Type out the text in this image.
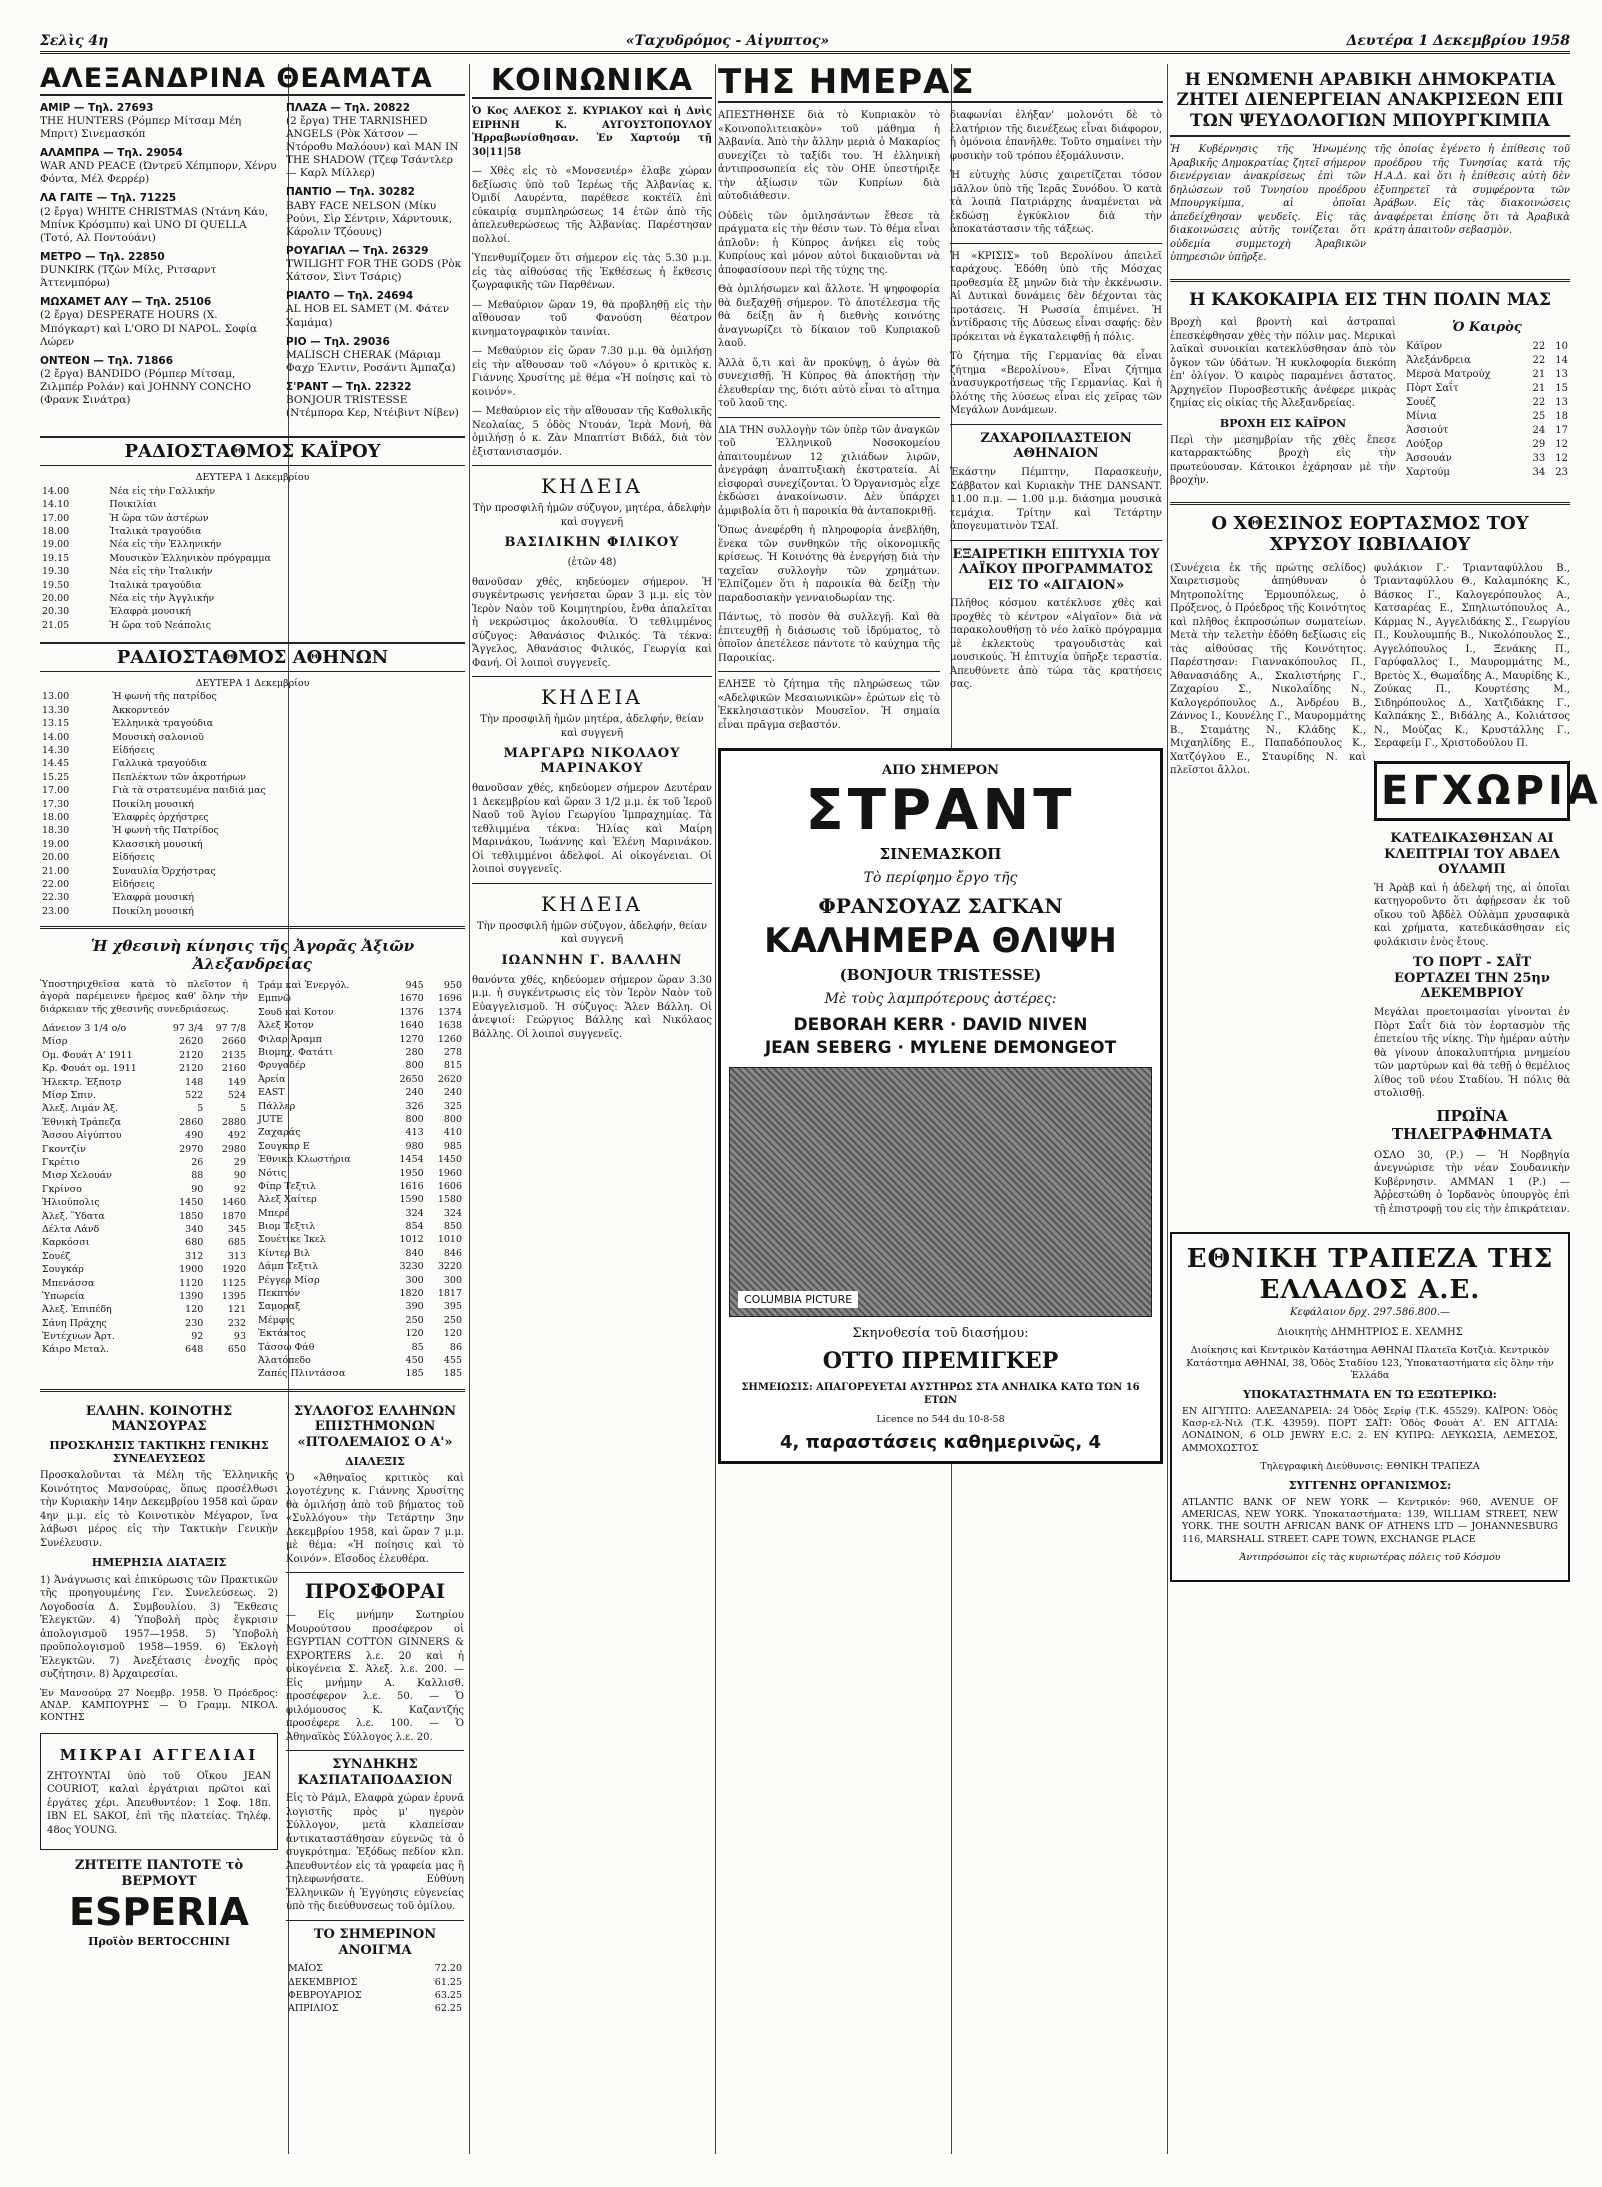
Σελὶς 4η	«Ταχυδρόμος - Αἰγυπτος»	Δευτέρα 1 Δεκεμβρίου 1958
ΑΛΕΞΑΝΔΡΙΝΑ ΘΕΑΜΑΤΑ
ΑΜΙΡ — Τηλ. 27693
THE HUNTERS (Ρόμπερ Μίτσαμ Μέη Μπριτ) Σινεμασκόπ
ΑΛΑΜΠΡΑ — Τηλ. 29054
WAR AND PEACE (Ώντρεϋ Χέπμπορν, Χένρυ Φόντα, Μέλ Φερρέρ)
ΛΑ ΓΑΙΤΕ — Τηλ. 71225
(2 ἔργα) WHITE CHRISTMAS (Ντάνη Κάυ, Μπίνκ Κρόσμπυ) καὶ UNO DI QUELLA (Τοτό, Αλ Ποντούάνι)
ΜΕΤΡΟ — Τηλ. 22850
DUNKIRK (Τζὼν Μίλς, Ριτσαρντ Άττενμπόρω)
ΜΩΧΑΜΕΤ ΑΛΥ — Τηλ. 25106
(2 ἔργα) DESPERATE HOURS (Χ. Μπόγκαρτ) καὶ L'ORO DI NAPOL. Σοφία Λώρεν
ΟΝΤΕΟΝ — Τηλ. 71866
(2 ἔργα) BANDIDO (Ρόμπερ Μίτσαμ, Ζιλμπέρ Ρολάν) καὶ JOHNNY CONCHO (Φρανκ Σινάτρα)
ΠΛΑΖΑ — Τηλ. 20822
(2 ἔργα) THE TARNISHED ANGELS (Ρὸκ Χάτσον — Ντόροθυ Μαλόουν) καὶ MAN IN THE SHADOW (Τζεφ Τσάντλερ — Καρλ Μίλλερ)
ΠΑΝΤΙΟ — Τηλ. 30282
BABY FACE NELSON (Μίκυ Ρούνι, Σὶρ Σέντριν, Χάρντουικ, Κάρολιν Τζόουνς)
ΡΟΥΑΓΙΑΛ — Τηλ. 26329
TWILIGHT FOR THE GODS (Ρὸκ Χάτσον, Σὶντ Τσάρις)
ΡΙΑΛΤΟ — Τηλ. 24694
AL HOB EL SAMET (Μ. Φάτεν Χαμάμα)
ΡΙΟ — Τηλ. 29036
MALISCH CHERAK (Μάριαμ Φαχρ Έλντιν, Ροσάντι Άμπαζα)
Σ'ΡΑΝΤ — Τηλ. 22322
BONJOUR TRISTESSE (Ντέμπορα Κερ, Ντέιβιντ Νίβεν)
ΡΑΔΙΟΣΤΑΘΜΟΣ ΚΑΪΡΟΥ
ΔΕΥΤΕΡΑ 1 Δεκεμβρίου
14.00	Νέα εἰς τὴν Γαλλικήν
14.10	Ποικιλίαι
17.00	Ἡ ὥρα τῶν ἀστέρων
18.00	Ἰταλικὰ τραγούδια
19.00	Νέα εἰς τὴν Ἑλληνικήν
19.15	Μουσικὸν Ἑλληνικὸν πρόγραμμα
19.30	Νέα εἰς τὴν Ἰταλικήν
19.50	Ἰταλικὰ τραγούδια
20.00	Νέα εἰς τὴν Ἀγγλικήν
20.30	Ἑλαφρὰ μουσική
21.05	Ἡ ὥρα τοῦ Νεάπολις
ΡΑΔΙΟΣΤΑΘΜΟΣ ΑΘΗΝΩΝ
ΔΕΥΤΕΡΑ 1 Δεκεμβρίου
13.00	Ἡ φωνὴ τῆς πατρίδος
13.30	Ἀκκορντεόν
13.15	Ἑλληνικὰ τραγούδια
14.00	Μουσικὴ σαλονιοῦ
14.30	Εἰδήσεις
14.45	Γαλλικὰ τραγούδια
15.25	Πεπλέκτων τῶν ἀκροτήρων
17.00	Γιὰ τὰ στρατευμένα παιδιά μας
17.30	Ποικίλη μουσική
18.00	Ἐλαφρὲς ὀρχήστρες
18.30	Ἡ φωνὴ τῆς Πατρίδος
19.00	Κλασσικὴ μουσική
20.00	Εἰδήσεις
21.00	Συναυλία Ὀρχήστρας
22.00	Εἰδήσεις
22.30	Ἐλαφρὰ μουσική
23.00	Ποικίλη μουσική
Ἡ χθεσινὴ κίνησις τῆς Ἀγορᾶς Ἀξιῶν Ἀλεξανδρείας
Ὑποστηριχθεῖσα κατὰ τὸ πλεῖστον ἡ ἀγορὰ παρέμεινεν ἤρεμος καθ' ὅλην τὴν διάρκειαν τῆς χθεσινῆς συνεδριάσεως.
Δάνειον 3 1/4 ο/ο	97 3/4	97 7/8
Μίσρ	2620	2660
Ομ. Φουάτ Α' 1911	2120	2135
Κρ. Φουάτ ομ. 1911	2120	2160
Ἠλεκτρ. Ἐξποτρ	148	149
Μίσρ Σπιν.	522	524
Ἀλεξ. Λιμάν Ἀξ.	5	5
Ἐθνικὴ Τράπεζα	2860	2880
Ἄσσου Αἰγύπτου	490	492
Γκοντζίν	2970	2980
Γκρέτιο	26	29
Μισρ Χελουάν	88	90
Γκρίνσο	90	92
Ἡλιούπολις	1450	1460
Ἀλεξ. Ὕδατα	1850	1870
Δέλτα Λάνδ	340	345
Καρκόσσι	680	685
Σουέζ	312	313
Σουγκάρ	1900	1920
Μπενάσσα	1120	1125
Ὑπωρεία	1390	1395
Ἀλεξ. Ἐπιπέδη	120	121
Σάνη Πράχης	230	232
Ἐντέχνων Ἀρτ.	92	93
Κάιρο Μεταλ.	648	650
Τράμ καὶ Ἐνεργόλ.	945	950
Εμπνῶ	1670	1696
Σουδ καὶ Κοτον	1376	1374
Ἀλεξ Κοτον	1640	1638
Φιλαρ Ἀραμπ	1270	1260
Βιομηχ. Φατάτι	280	278
Φρυγαδέρ	800	815
Ἀρεία	2650	2620
EAST	240	240
Πάλλερ	326	325
JUTE	800	800
Ζαχαράς	413	410
Σουγκαρ Ε	980	985
Ἐθνικὰ Κλωστήρια	1454	1450
Νότις	1950	1960
Φίπρ Τεξτιλ	1616	1606
Ἀλεξ Χαίτερ	1590	1580
Μπερέ	324	324
Βιομ Τεξτιλ	854	850
Σουέτικε Ἰκελ	1012	1010
Κίντερ Βιλ	840	846
Δάμπ Τεξτιλ	3230	3220
Ρέγγερ Μίσρ	300	300
Πεκπτόν	1820	1817
Σαμοραξ	390	395
Μέμφις	250	250
Ἐκτάκτος	120	120
Τάσσω Φάθ	85	86
Ἀλατόπεδο	450	455
Ζαπές Πλιντάσσα	185	185
ΕΛΛΗΝ. ΚΟΙΝΟΤΗΣ ΜΑΝΣΟΥΡΑΣ
ΠΡΟΣΚΛΗΣΙΣ ΤΑΚΤΙΚΗΣ ΓΕΝΙΚΗΣ ΣΥΝΕΛΕΥΣΕΩΣ
Προσκαλοῦνται τὰ Μέλη τῆς Ἑλληνικῆς Κοινότητος Μανσούρας, ὅπως προσέλθωσι τὴν Κυριακὴν 14ην Δεκεμβρίου 1958 καὶ ὥραν 4ην μ.μ. εἰς τὸ Κοινοτικὸν Μέγαρον, ἵνα λάβωσι μέρος εἰς τὴν Τακτικὴν Γενικὴν Συνέλευσιν.
ΗΜΕΡΗΣΙΑ ΔΙΑΤΑΞΙΣ
1) Ἀνάγνωσις καὶ ἐπικύρωσις τῶν Πρακτικῶν τῆς προηγουμένης Γεν. Συνελεύσεως. 2) Λογοδοσία Δ. Συμβουλίου. 3) Ἔκθεσις Ἐλεγκτῶν. 4) Ὑποβολὴ πρὸς ἔγκρισιν ἀπολογισμοῦ 1957—1958. 5) Ὑποβολὴ προϋπολογισμοῦ 1958—1959. 6) Ἐκλογὴ Ἐλεγκτῶν. 7) Ἀνεξέτασις ἐνοχῆς πρὸς συζήτησιν. 8) Ἀρχαιρεσίαι.
Ἐν Μανσούρᾳ 27 Νοεμβρ. 1958. Ὁ Πρόεδρος: ΑΝΔΡ. ΚΑΜΠΟΥΡΗΣ — Ὁ Γραμμ. ΝΙΚΟΛ. ΚΟΝΤΗΣ
ΜΙΚΡΑΙ ΑΓΓΕΛΙΑΙ
ΖΗΤΟΥΝΤΑΙ ὑπὸ τοῦ Οἴκου JEAN COURIOT, καλαὶ ἐργάτριαι πρῶτοι καὶ ἐργάτες χέρι. Ἀπευθυντέον: 1 Σοφ. 18π. IBN EL SAKOI, ἐπὶ τῆς πλατείας. Τηλέφ. 48ος YOUNG.
ΖΗΤΕΙΤΕ ΠΑΝΤΟΤΕ τὸ ΒΕΡΜΟΥΤ
ESPERIA
Προϊὸν BERTOCCHINI
ΣΥΛΛΟΓΟΣ ΕΛΛΗΝΩΝ ΕΠΙΣΤΗΜΟΝΩΝ «ΠΤΟΛΕΜΑΙΟΣ Ο Α'»
ΔΙΑΛΕΞΙΣ
Ὁ «Ἀθηναῖος κριτικὸς καὶ λογοτέχνης κ. Γιάννης Χρυσίτης θὰ ὁμιλήσῃ ἀπὸ τοῦ βήματος τοῦ «Συλλόγου» τὴν Τετάρτην 3ην Δεκεμβρίου 1958, καὶ ὥραν 7 μ.μ. μὲ θέμα: «Ἡ ποίησις καὶ τὸ Κοινόν». Εἴσοδος ἐλευθέρα.
ΠΡΟΣΦΟΡΑΙ
— Εἰς μνήμην Σωτηρίου Μουρούτσου προσέφερον οἱ EGYPTIAN COTTON GINNERS & EXPORTERS λ.ε. 20 καὶ ἡ οἰκογένεια Σ. Ἀλεξ. λ.ε. 200. — Εἰς μνήμην Α. Καλλισθ. προσέφερον λ.ε. 50. — Ὁ φιλόμουσος Κ. Καζαντζής προσέφερε λ.ε. 100. — Ὁ Ἀθηναϊκὸς Σύλλογος λ.ε. 20.
ΣΥΝΔΗΚΗΣ ΚΑΣΠΑΤΑΠΟΔΑΣΙΟΝ
Εἰς τὸ Ράμλ, Ελαφρὰ χώραν ἐρυνᾶ λογιστῆς πρὸς μ' ηγερὸν Σύλλογον, μετὰ κλαπείσαν ἀντικαταστάθησαν εὐγενῶς τὰ ὁ συγκρότημα. Ἐξόδως πεδίον κλπ. Ἀπευθυντέον εἰς τὰ γραφεία μας ἢ τηλεφωνήσατε. Εὐθύνη Ἑλληνικῶν ἡ Ἐγγύησις εὐγενείας ὑπὸ τῆς διεύθυνσεως τοῦ ὁμίλου.
ΤΟ ΣΗΜΕΡΙΝΟΝ ΑΝΟΙΓΜΑ
ΜΑΪΟΣ	72.20
ΔΕΚΕΜΒΡΙΟΣ	61.25
ΦΕΒΡΟΥΑΡΙΟΣ	63.25
ΑΠΡΙΛΙΟΣ	62.25
ΚΟΙΝΩΝΙΚΑ
Ὁ Κος ΑΛΕΚΟΣ Σ. ΚΥΡΙΑΚΟΥ καὶ ἡ Δνὶς ΕΙΡΗΝΗ Κ. ΑΥΓΟΥΣΤΟΠΟΥΛΟΥ Ἠρραβωνίσθησαν. Ἐν Χαρτούμ τῇ 30|11|58
— Χθὲς εἰς τὸ «Μονσενιέρ» ἐλαβε χώραν δεξίωσις ὑπὸ τοῦ Ἱερέως τῆς Ἀλβανίας κ. Ὀμιδί Λαυρέντα, παρέθεσε κοκτέϊλ ἐπὶ εὐκαιρίᾳ συμπληρώσεως 14 ἐτῶν ἀπὸ τῆς ἀπελευθερώσεως τῆς Ἀλβανίας. Παρέστησαν πολλοί.
Ὑπενθυμίζομεν ὅτι σήμερον εἰς τὰς 5.30 μ.μ. εἰς τὰς αἰθούσας τῆς Ἐκθέσεως ἡ ἔκθεσις ζωγραφικῆς τῶν Παρθένων.
— Μεθαύριον ὥραν 19, θὰ προβληθῇ εἰς τὴν αἴθουσαν τοῦ Φανούση θέατρον κινηματογραφικὸν ταινίαι.
— Μεθαύριον εἰς ὥραν 7.30 μ.μ. θὰ ὁμιλήσῃ εἰς τὴν αἴθουσαν τοῦ «Λόγου» ὁ κριτικὸς κ. Γιάννης Χρυσίτης μὲ θέμα «Ἡ ποίησις καὶ τὸ κοινόν».
— Μεθαύριον εἰς τὴν αἴθουσαν τῆς Καθολικῆς Νεολαίας, 5 ὁδὸς Ντουάν, Ἱερὰ Μονή, θὰ ὁμιλήσῃ ὁ κ. Ζὰν Μπαπτίστ Βιδάλ, διὰ τὸν ἐξιστανισιασμόν.
ΚΗΔΕΙΑ
Τὴν προσφιλῆ ἡμῶν σύζυγον, μητέρα, ἀδελφὴν καὶ συγγενῆ
ΒΑΣΙΛΙΚΗΝ ΦΙΛΙΚΟΥ
(ἐτῶν 48)
θανοῦσαν χθές, κηδεύομεν σήμερον. Ἡ συγκέντρωσις γενήσεται ὥραν 3 μ.μ. εἰς τὸν Ἱερὸν Ναὸν τοῦ Κοιμητηρίου, ἔνθα ἀπαλεῖται ἡ νεκρώσιμος ἀκολουθία. Ὁ τεθλιμμένος σύζυγος: Ἀθανάσιος Φιλικός. Τὰ τέκνα: Ἄγγελος, Ἀθανάσιος Φιλικός, Γεωργία καὶ Φανή. Οἱ λοιποὶ συγγενεῖς.
ΚΗΔΕΙΑ
Τὴν προσφιλῆ ἡμῶν μητέρα, ἀδελφήν, θείαν καὶ συγγενῆ
ΜΑΡΓΑΡΩ ΝΙΚΟΛΑΟΥ ΜΑΡΙΝΑΚΟΥ
θανοῦσαν χθές, κηδεύομεν σήμερον Δευτέραν 1 Δεκεμβρίου καὶ ὥραν 3 1/2 μ.μ. ἐκ τοῦ Ἱεροῦ Ναοῦ τοῦ Ἁγίου Γεωργίου Ἰμπραχημίας. Τὰ τεθλιμμένα τέκνα: Ἡλίας καὶ Μαίρη Μαρινάκου, Ἰωάννης καὶ Ἑλένη Μαρινάκου. Οἱ τεθλιμμένοι ἀδελφοί. Αἱ οἰκογένειαι. Οἱ λοιποὶ συγγενεῖς.
ΚΗΔΕΙΑ
Τὴν προσφιλῆ ἡμῶν σύζυγον, ἀδελφήν, θείαν καὶ συγγενῆ
ΙΩΑΝΝΗΝ Γ. ΒΑΛΛΗΝ
θανόντα χθές, κηδεύομεν σήμερον ὥραν 3.30 μ.μ. ἡ συγκέντρωσις εἰς τὸν Ἱερὸν Ναὸν τοῦ Εὐαγγελισμοῦ. Ἡ σύζυγος: Ἄλεν Βάλλη. Οἱ ἀνεψιοί: Γεώργιος Βάλλης καὶ Νικόλαος Βάλλης. Οἱ λοιποὶ συγγενεῖς.
ΤΗΣ ΗΜΕΡΑΣ
ΑΠΕΣΤΗΘΗΣΕ διὰ τὸ Κυπριακὸν τὸ «Κοινοπολιτειακὸν» τοῦ μάθημα ἡ Ἀλβανία. Ἀπὸ τὴν ἄλλην μεριὰ ὁ Μακαρίος συνεχίζει τὸ ταξίδι του. Ἡ ἑλληνικὴ ἀντιπροσωπεία εἰς τὸν ΟΗΕ ὑπεστήριξε τὴν ἀξίωσιν τῶν Κυπρίων διὰ αὐτοδιάθεσιν.
Οὐδεὶς τῶν ὁμιλησάντων ἔθεσε τὰ πράγματα εἰς τὴν θέσιν των. Τὸ θέμα εἶναι ἀπλοῦν: ἡ Κύπρος ἀνήκει εἰς τοὺς Κυπρίους καὶ μόνον αὐτοὶ δικαιοῦνται νὰ ἀποφασίσουν περὶ τῆς τύχης της.
Θὰ ὁμιλήσωμεν καὶ ἄλλοτε. Ἡ ψηφοφορία θὰ διεξαχθῇ σήμερον. Τὸ ἀποτέλεσμα τῆς θὰ δείξῃ ἂν ἡ διεθνὴς κοινότης ἀναγνωρίζει τὸ δίκαιον τοῦ Κυπριακοῦ λαοῦ.
Ἀλλὰ ὅ,τι καὶ ἂν προκύψῃ, ὁ ἀγὼν θὰ συνεχισθῇ. Ἡ Κύπρος θὰ ἀποκτήσῃ τὴν ἐλευθερίαν της, διότι αὐτὸ εἶναι τὸ αἴτημα τοῦ λαοῦ της.
ΔΙΑ ΤΗΝ συλλογὴν τῶν ὑπὲρ τῶν ἀναγκῶν τοῦ Ἑλληνικοῦ Νοσοκομείου ἀπαιτουμένων 12 χιλιάδων λιρῶν, ἀνεγράφη ἀναπτυξιακὴ ἐκστρατεία. Αἱ εἰσφοραὶ συνεχίζονται. Ὁ Ὀργανισμὸς εἶχε ἐκδώσει ἀνακοίνωσιν. Δὲν ὑπάρχει ἀμφιβολία ὅτι ἡ παροικία θὰ ἀνταποκριθῇ.
Ὅπως ἀνεφέρθη ἡ πληροφορία ἀνεβλήθη, ἕνεκα τῶν συνθηκῶν τῆς οἰκονομικῆς κρίσεως. Ἡ Κοινότης θὰ ἐνεργήσῃ διὰ τὴν ταχεῖαν συλλογὴν τῶν χρημάτων. Ἐλπίζομεν ὅτι ἡ παροικία θὰ δείξῃ τὴν παραδοσιακὴν γενναιοδωρίαν της.
Πάντως, τὸ ποσὸν θὰ συλλεγῇ. Καὶ θὰ ἐπιτευχθῇ ἡ διάσωσις τοῦ ἱδρύματος, τὸ ὁποῖον ἀπετέλεσε πάντοτε τὸ καύχημα τῆς Παροικίας.
ΕΛΗΞΕ τὸ ζήτημα τῆς πληρώσεως τῶν «Αδελφικῶν Μεσαιωνικῶν» ἐρώτων εἰς τὸ Ἐκκλησιαστικὸν Μουσεῖον. Ἡ σημαία εἶναι πρᾶγμα σεβαστόν.
διαφωνίαι ἐλήξαν' μολονότι δὲ τὸ ἐλατήριον τῆς διενέξεως εἶναι διάφορον, ἡ ὁμόνοια ἐπανῆλθε. Τοῦτο σημαίνει τὴν φυσικὴν τοῦ τρόπου ἐξομάλυνσιν.
Ἡ εὐτυχὴς λύσις χαιρετίζεται τόσον μᾶλλον ὑπὸ τῆς Ἱερᾶς Συνόδου. Ὁ κατὰ τὰ λοιπὰ Πατριάρχης ἀναμένεται νὰ ἐκδώσῃ ἐγκύκλιον διὰ τὴν ἀποκατάστασιν τῆς τάξεως.
Ἡ «ΚΡΙΣΙΣ» τοῦ Βερολίνου ἀπειλεῖ ταράχους. Ἐδόθη ὑπὸ τῆς Μόσχας προθεσμία ἕξ μηνῶν διὰ τὴν ἐκκένωσιν. Αἱ Δυτικαὶ δυνάμεις δὲν δέχονται τὰς προτάσεις. Ἡ Ρωσσία ἐπιμένει. Ἡ ἀντίδρασις τῆς Δύσεως εἶναι σαφής: δὲν πρόκειται νὰ ἐγκαταλειφθῇ ἡ πόλις.
Τὸ ζήτημα τῆς Γερμανίας θὰ εἶναι ζήτημα «Βερολίνου». Εἶναι ζήτημα ἀνασυγκροτήσεως τῆς Γερμανίας. Καὶ ἡ ὁλότης τῆς λύσεως εἶναι εἰς χεῖρας τῶν Μεγάλων Δυνάμεων.
ΖΑΧΑΡΟΠΛΑΣΤΕΙΟΝ ΑΘΗΝΑΙΟΝ
Ἐκάστην Πέμπτην, Παρασκευὴν, Σάββατον καὶ Κυριακὴν THE DANSANT. 11.00 π.μ. — 1.00 μ.μ. διάσημα μουσικὰ τεμάχια. Τρίτην καὶ Τετάρτην ἀπογευματινὸν ΤΣΑΪ.
ΕΞΑΙΡΕΤΙΚΗ ΕΠΙΤΥΧΙΑ ΤΟΥ ΛΑΪΚΟΥ ΠΡΟΓΡΑΜΜΑΤΟΣ ΕΙΣ ΤΟ «ΑΙΓΑΙΟΝ»
Πλῆθος κόσμου κατέκλυσε χθὲς καὶ προχθὲς τὸ κέντρον «Αἰγαῖον» διὰ νὰ παρακολουθήσῃ τὸ νέο λαϊκὸ πρόγραμμα μὲ ἐκλεκτοὺς τραγουδιστὰς καὶ μουσικούς. Ἡ ἐπιτυχία ὑπῆρξε τεραστία. Ἀπευθύνετε ἀπὸ τώρα τὰς κρατήσεις σας.
ΑΠΟ ΣΗΜΕΡΟΝ
ΣΤΡΑΝΤ
ΣΙΝΕΜΑΣΚΟΠ
Τὸ περίφημο ἔργο τῆς
ΦΡΑΝΣΟΥΑΖ ΣΑΓΚΑΝ
ΚΑΛΗΜΕΡΑ ΘΛΙΨΗ
(BONJOUR TRISTESSE)
Μὲ τοὺς λαμπρότερους ἀστέρες:
DEBORAH KERR · DAVID NIVEN
JEAN SEBERG · MYLENE DEMONGEOT
COLUMBIA PICTURE
Σκηνοθεσία τοῦ διασήμου:
ΟΤΤΟ ΠΡΕΜΙΓΚΕΡ
ΣΗΜΕΙΩΣΙΣ: ΑΠΑΓΟΡΕΥΕΤΑΙ ΑΥΣΤΗΡΩΣ ΣΤΑ ΑΝΗΛΙΚΑ ΚΑΤΩ ΤΩΝ 16 ΕΤΩΝ
Licence no 544 du 10-8-58
4, παραστάσεις καθημερινῶς, 4
Η ΕΝΩΜΕΝΗ ΑΡΑΒΙΚΗ ΔΗΜΟΚΡΑΤΙΑ ΖΗΤΕΙ ΔΙΕΝΕΡΓΕΙΑΝ ΑΝΑΚΡΙΣΕΩΝ ΕΠΙ ΤΩΝ ΨΕΥΔΟΛΟΓΙΩΝ ΜΠΟΥΡΓΚΙΜΠΑ
Ἡ Κυβέρνησις τῆς Ἡνωμένης Ἀραβικῆς Δημοκρατίας ζητεῖ σήμερον διενέργειαν ἀνακρίσεως ἐπὶ τῶν δηλώσεων τοῦ Τυνησίου προέδρου Μπουργκίμπα, αἱ ὁποῖαι ἀπεδείχθησαν ψευδεῖς. Εἰς τὰς διακοινώσεις αὐτῆς τονίζεται ὅτι οὐδεμία συμμετοχὴ Ἀραβικῶν ὑπηρεσιῶν ὑπῆρξε.
τῆς ὁποίας ἐγένετο ἡ ἐπίθεσις τοῦ προέδρου τῆς Τυνησίας κατὰ τῆς Η.Α.Δ. καὶ ὅτι ἡ ἐπίθεσις αὐτὴ δὲν ἐξυπηρετεῖ τὰ συμφέροντα τῶν Ἀράβων. Εἰς τὰς διακοινώσεις ἀναφέρεται ἐπίσης ὅτι τὰ Ἀραβικὰ κράτη ἀπαιτοῦν σεβασμὸν.
Η ΚΑΚΟΚΑΙΡΙΑ ΕΙΣ ΤΗΝ ΠΟΛΙΝ ΜΑΣ
Βροχὴ καὶ βροντὴ καὶ ἀστραπαὶ ἐπεσκέφθησαν χθὲς τὴν πόλιν μας. Μερικαὶ λαϊκαὶ συνοικίαι κατεκλύσθησαν ἀπὸ τὸν ὄγκον τῶν ὑδάτων. Ἡ κυκλοφορία διεκόπη ἐπ' ὀλίγον. Ὁ καιρὸς παραμένει ἄστατος. Ἀρχηγεῖον Πυροσβεστικῆς ἀνέφερε μικρὰς ζημίας εἰς οἰκίας τῆς Ἀλεξανδρείας.
ΒΡΟΧΗ ΕΙΣ ΚΑΪΡΟΝ
Περὶ τὴν μεσημβρίαν τῆς χθὲς ἔπεσε καταρρακτώδης βροχὴ εἰς τὴν πρωτεύουσαν. Κάτοικοι ἐχάρησαν μὲ τὴν βροχὴν.
Ὁ Καιρὸς
Κάϊρον	22	10
Ἀλεξάνδρεια	22	14
Μερσὰ Ματρούχ	21	13
Πὸρτ Σαΐτ	21	15
Σουέζ	22	13
Μίνια	25	18
Ἀσσιούτ	24	17
Λούξορ	29	12
Ἀσσουάν	33	12
Χαρτούμ	34	23
Ο ΧΘΕΣΙΝΟΣ ΕΟΡΤΑΣΜΟΣ ΤΟΥ ΧΡΥΣΟΥ ΙΩΒΙΛΑΙΟΥ
(Συνέχεια ἐκ τῆς πρώτης σελίδος) Χαιρετισμοὺς ἀπηύθυναν ὁ Μητροπολίτης Ἐρμουπόλεως, ὁ Πρόξενος, ὁ Πρόεδρος τῆς Κοινότητος καὶ πλῆθος ἐκπροσώπων σωματείων. Μετὰ τὴν τελετὴν ἐδόθη δεξίωσις εἰς τὰς αἰθούσας τῆς Κοινότητος. Παρέστησαν: Γιαννακόπουλος Π., Ἀθανασιάδης Α., Σκαλιστήρης Γ., Ζαχαρίου Σ., Νικολαΐδης Ν., Καλογερόπουλος Δ., Ἀνδρέου Β., Ζάννος Ι., Κουνέλης Γ., Μαυρομμάτης Β., Σταμάτης Ν., Κλάδης Κ., Μιχαηλίδης Ε., Παπαδόπουλος Κ., Χατζόγλου Ε., Σταυρίδης Ν. καὶ πλεῖστοι ἄλλοι.
φυλάκιον Γ.· Τριανταφύλλου Β., Τριανταφύλλου Θ., Καλαμπόκης Κ., Βάσκος Γ., Καλογερόπουλος Α., Κατσαρέας Ε., Σπηλιωτόπουλος Α., Κάρμας Ν., Αγγελιδάκης Σ., Γεωργίου Π., Κουλουμπής Β., Νικολόπουλος Σ., Αγγελόπουλος Ι., Ξενάκης Π., Γαρύφαλλος Ι., Μαυρομμάτης Μ., Βρετὸς Χ., Θωμαΐδης Α., Μαυρίδης Κ., Ζούκας Π., Κουρτέσης Μ., Σιδηρόπουλος Δ., Χατζιδάκης Γ., Καλπάκης Σ., Βιδάλης Α., Κολιάτσος Ν., Μούζας Κ., Κρυστάλλης Γ., Σεραφείμ Γ., Χριστοδούλου Π.
ΕΓΧΩΡΙΑ
ΚΑΤΕΔΙΚΑΣΘΗΣΑΝ ΑΙ ΚΛΕΠΤΡΙΑΙ ΤΟΥ ΑΒΔΕΛ ΟΥΛΑΜΠ
Ἡ Ἀρὰβ καὶ ἡ ἀδελφή της, αἱ ὁποῖαι κατηγοροῦντο ὅτι ἀφῄρεσαν ἐκ τοῦ οἴκου τοῦ Ἀβδὲλ Οὐλὰμπ χρυσαφικὰ καὶ χρήματα, κατεδικάσθησαν εἰς φυλάκισιν ἑνὸς ἔτους.
ΤΟ ΠΟΡΤ - ΣΑΪΤ ΕΟΡΤΑΖΕΙ ΤΗΝ 25ην ΔΕΚΕΜΒΡΙΟΥ
Μεγάλαι προετοιμασίαι γίνονται ἐν Πὸρτ Σαΐτ διὰ τὸν ἑορτασμὸν τῆς ἐπετείου τῆς νίκης. Τὴν ἡμέραν αὐτὴν θὰ γίνουν ἀποκαλυπτήρια μνημείου τῶν μαρτύρων καὶ θὰ τεθῇ ὁ θεμέλιος λίθος τοῦ νέου Σταδίου. Ἡ πόλις θὰ στολισθῇ.
ΠΡΩΪΝΑ ΤΗΛΕΓΡΑΦΗΜΑΤΑ
ΟΣΛΟ 30, (Ρ.) — Ἡ Νορβηγία ἀνεγνώρισε τὴν νέαν Σουδανικὴν Κυβέρνησιν. ΑΜΜΑΝ 1 (Ρ.) — Ἀῤῥεστώθη ὁ Ἰορδανὸς ὑπουργὸς ἐπὶ τῇ ἐπιστροφῇ του εἰς τὴν ἐπικράτειαν.
ΕΘΝΙΚΗ ΤΡΑΠΕΖΑ ΤΗΣ ΕΛΛΑΔΟΣ Α.Ε.
Κεφάλαιον δρχ. 297.586.800.—
Διοικητὴς ΔΗΜΗΤΡΙΟΣ Ε. ΧΕΛΜΗΣ
Διοίκησις καὶ Κεντρικὸν Κατάστημα ΑΘΗΝΑΙ Πλατεῖα Κοτζιὰ. Κεντρικὸν Κατάστημα ΑΘΗΝΑΙ, 38, Ὁδὸς Σταδίου 123, Ὑποκαταστήματα εἰς ὅλην τὴν Ἑλλάδα
ΥΠΟΚΑΤΑΣΤΗΜΑΤΑ ΕΝ ΤΩ ΕΞΩΤΕΡΙΚΩ:
ΕΝ ΑΙΓΥΠΤΩ: ΑΛΕΞΑΝΔΡΕΙΑ: 24 Ὁδὸς Σερίφ (Τ.Κ. 45529). ΚΑΪΡΟΝ: Ὁδὸς Κασρ-ελ-Νιλ (Τ.Κ. 43959). ΠΟΡΤ ΣΑΪΤ: Ὁδὸς Φουὰτ Α'. ΕΝ ΑΓΓΛΙΑ: ΛΟΝΔΙΝΟΝ, 6 OLD JEWRY E.C. 2. ΕΝ ΚΥΠΡΩ: ΛΕΥΚΩΣΙΑ, ΛΕΜΕΣΟΣ, ΑΜΜΟΧΩΣΤΟΣ
Τηλεγραφικὴ Διεύθυνσις: ΕΘΝΙΚΗ ΤΡΑΠΕΖΑ
ΣΥΓΓΕΝΗΣ ΟΡΓΑΝΙΣΜΟΣ:
ATLANTIC BANK OF NEW YORK — Κεντρικόν: 960, AVENUE OF AMERICAS, NEW YORK. Ὑποκαταστήματα: 139, WILLIAM STREET, NEW YORK. THE SOUTH AFRICAN BANK OF ATHENS LTD — JOHANNESBURG 116, MARSHALL STREET. CAPE TOWN, EXCHANGE PLACE
Ἀντιπρόσωποι εἰς τὰς κυριωτέρας πόλεις τοῦ Κόσμου
